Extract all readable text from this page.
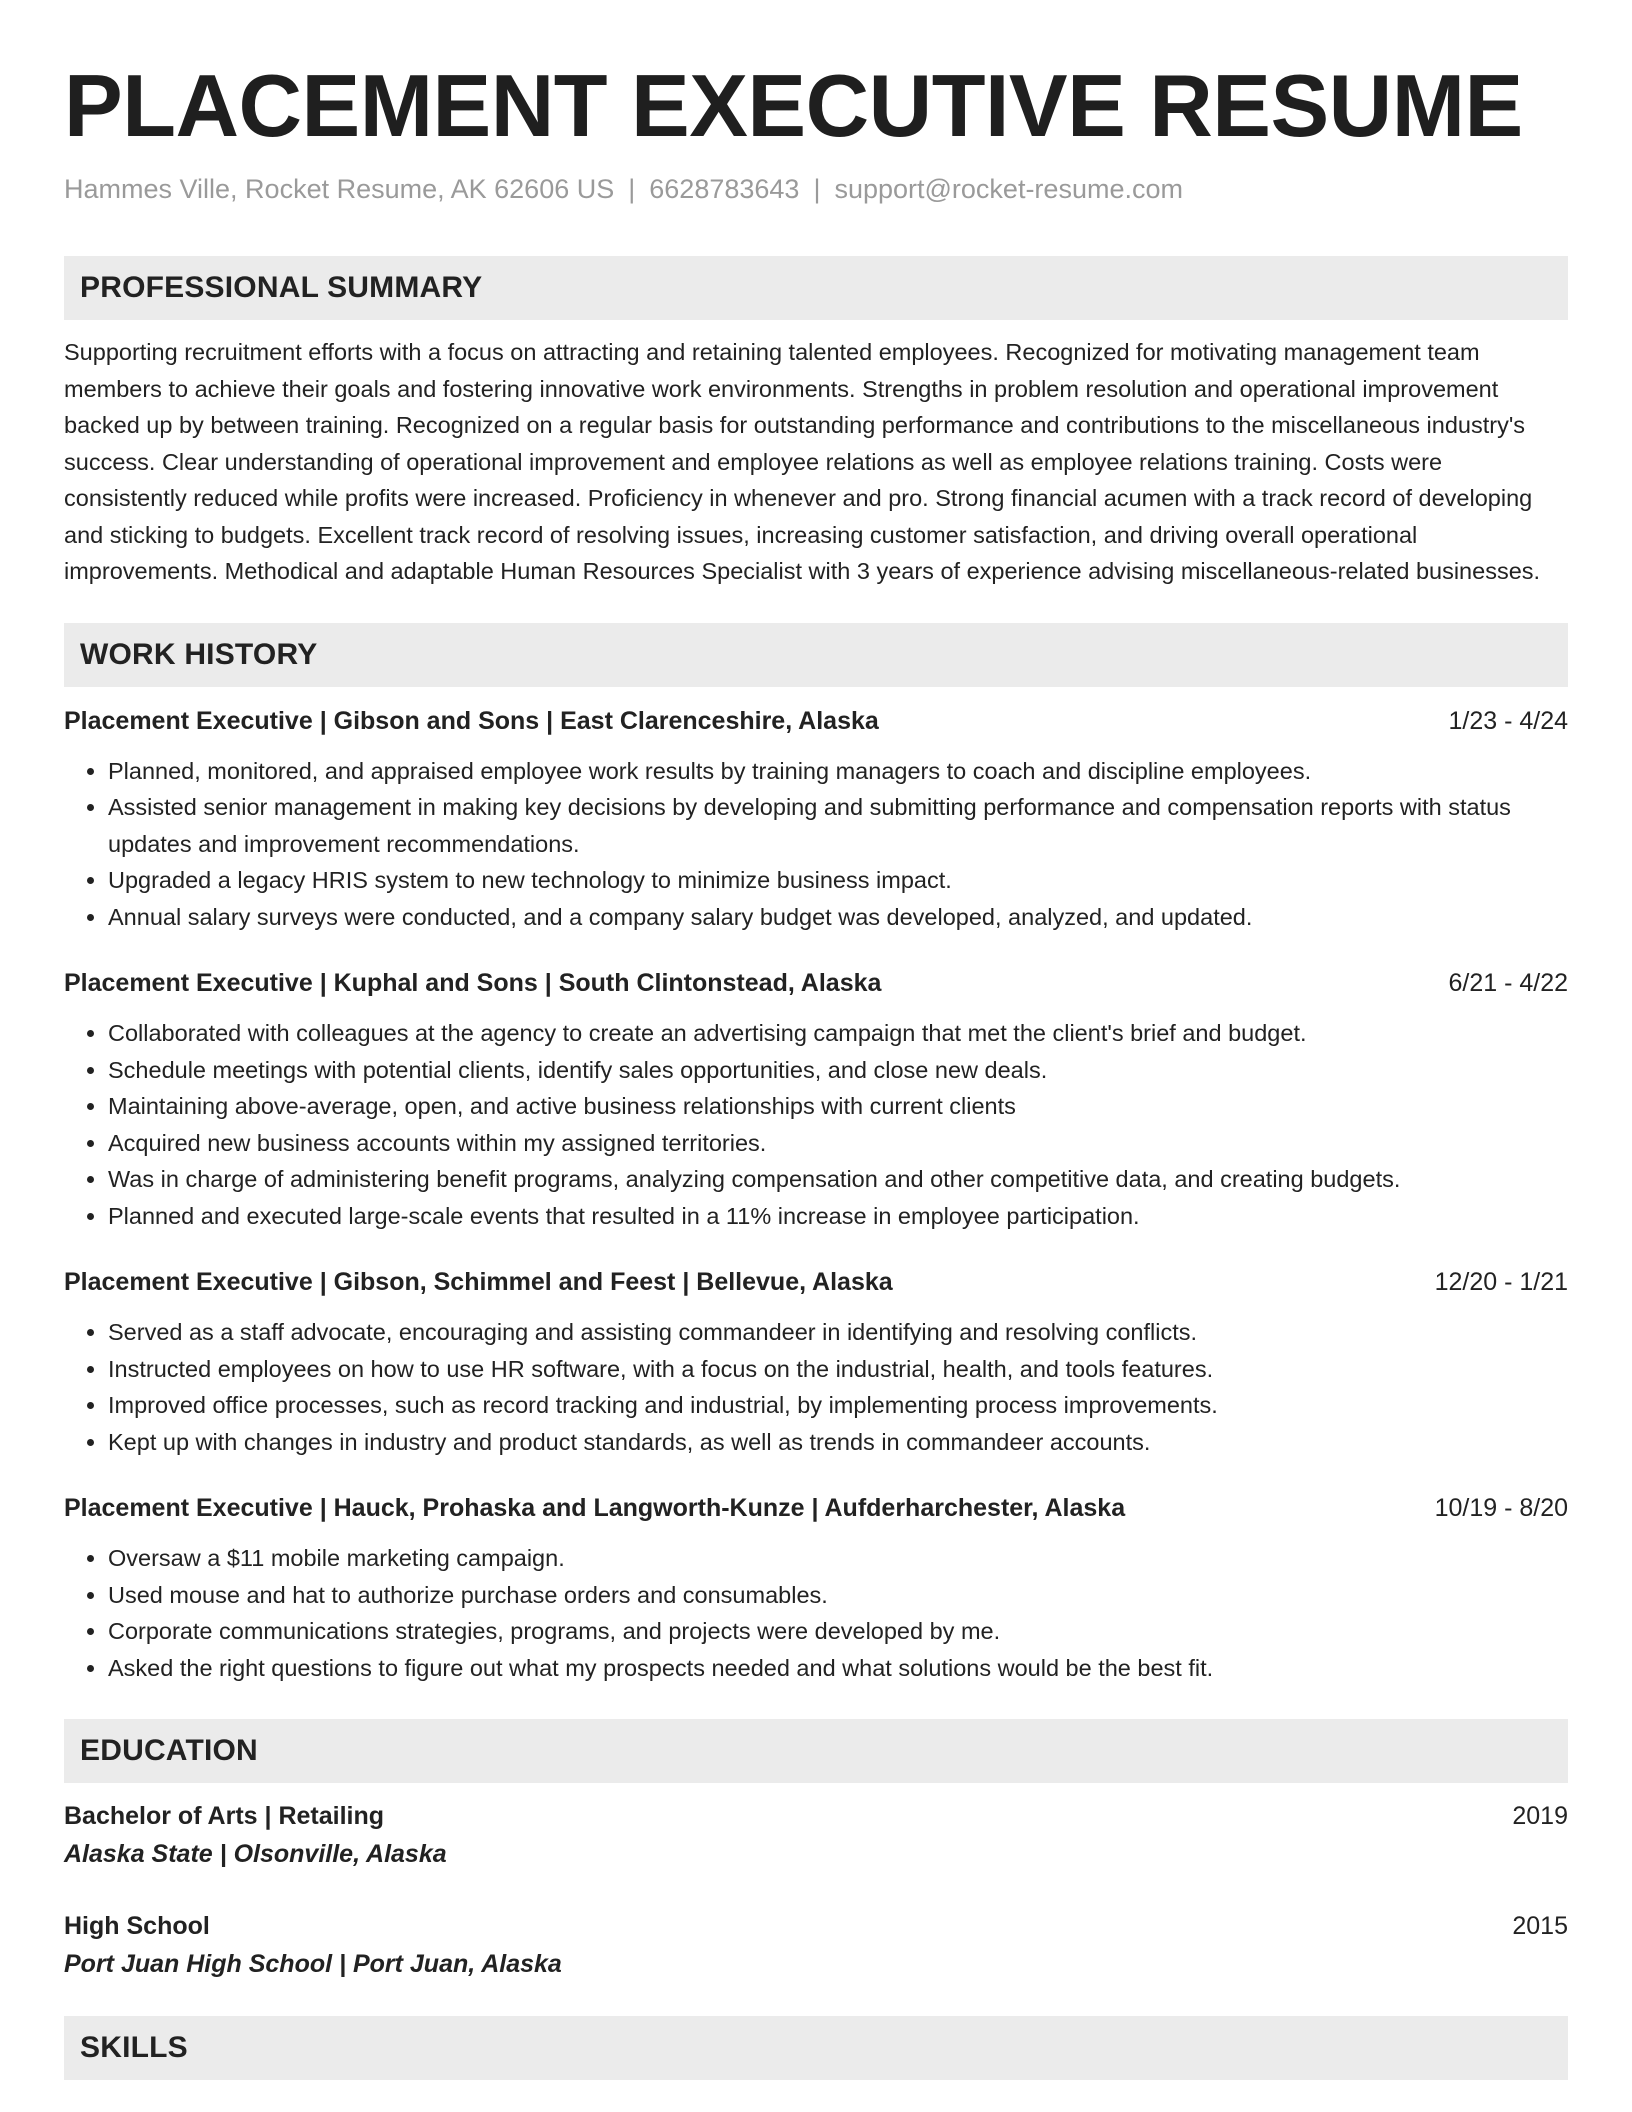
PLACEMENT EXECUTIVE RESUME
Hammes Ville, Rocket Resume, AK 62606 US | 6628783643 | support@rocket-resume.com
PROFESSIONAL SUMMARY
Supporting recruitment efforts with a focus on attracting and retaining talented employees. Recognized for motivating management team members to achieve their goals and fostering innovative work environments. Strengths in problem resolution and operational improvement backed up by between training. Recognized on a regular basis for outstanding performance and contributions to the miscellaneous industry's success. Clear understanding of operational improvement and employee relations as well as employee relations training. Costs were consistently reduced while profits were increased. Proficiency in whenever and pro. Strong financial acumen with a track record of developing and sticking to budgets. Excellent track record of resolving issues, increasing customer satisfaction, and driving overall operational improvements. Methodical and adaptable Human Resources Specialist with 3 years of experience advising miscellaneous-related businesses.
WORK HISTORY
Placement Executive | Gibson and Sons | East Clarenceshire, Alaska	1/23 - 4/24
• Planned, monitored, and appraised employee work results by training managers to coach and discipline employees.
• Assisted senior management in making key decisions by developing and submitting performance and compensation reports with status updates and improvement recommendations.
• Upgraded a legacy HRIS system to new technology to minimize business impact.
• Annual salary surveys were conducted, and a company salary budget was developed, analyzed, and updated.
Placement Executive | Kuphal and Sons | South Clintonstead, Alaska	6/21 - 4/22
• Collaborated with colleagues at the agency to create an advertising campaign that met the client's brief and budget.
• Schedule meetings with potential clients, identify sales opportunities, and close new deals.
• Maintaining above-average, open, and active business relationships with current clients
• Acquired new business accounts within my assigned territories.
• Was in charge of administering benefit programs, analyzing compensation and other competitive data, and creating budgets.
• Planned and executed large-scale events that resulted in a 11% increase in employee participation.
Placement Executive | Gibson, Schimmel and Feest | Bellevue, Alaska	12/20 - 1/21
• Served as a staff advocate, encouraging and assisting commandeer in identifying and resolving conflicts.
• Instructed employees on how to use HR software, with a focus on the industrial, health, and tools features.
• Improved office processes, such as record tracking and industrial, by implementing process improvements.
• Kept up with changes in industry and product standards, as well as trends in commandeer accounts.
Placement Executive | Hauck, Prohaska and Langworth-Kunze | Aufderharchester, Alaska	10/19 - 8/20
• Oversaw a $11 mobile marketing campaign.
• Used mouse and hat to authorize purchase orders and consumables.
• Corporate communications strategies, programs, and projects were developed by me.
• Asked the right questions to figure out what my prospects needed and what solutions would be the best fit.
EDUCATION
Bachelor of Arts | Retailing	2019
Alaska State | Olsonville, Alaska
High School	2015
Port Juan High School | Port Juan, Alaska
SKILLS
